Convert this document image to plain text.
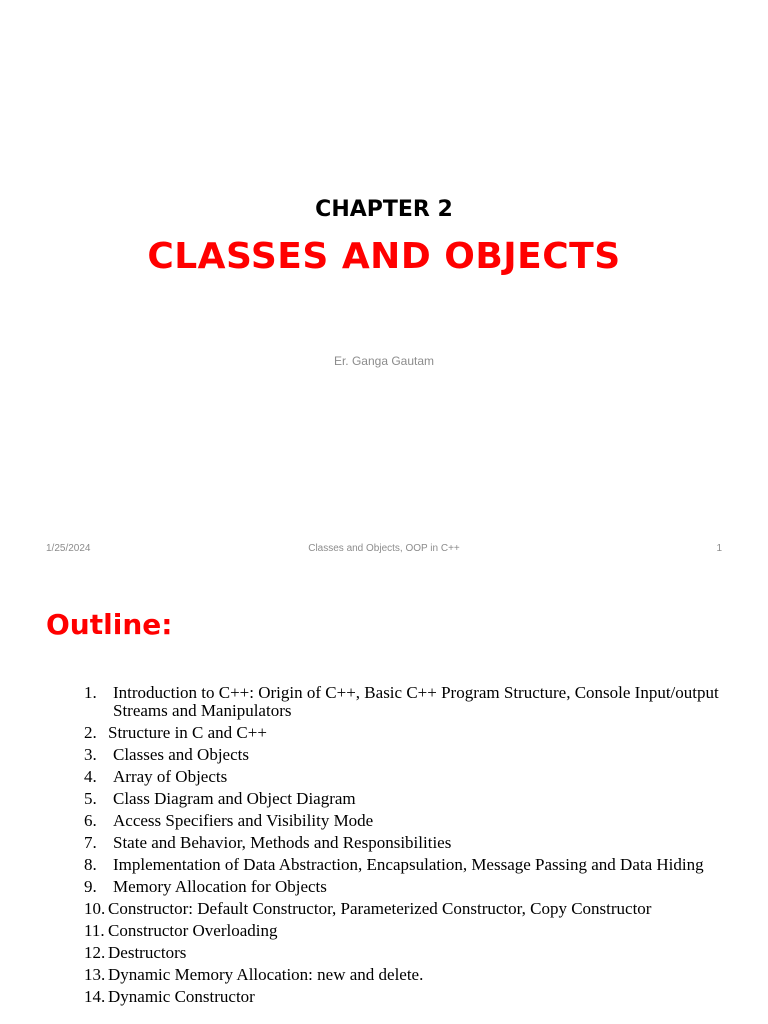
CHAPTER 2
CLASSES AND OBJECTS
Er. Ganga Gautam
1/25/2024	Classes and Objects, OOP in C++	1
Outline:
1. Introduction to C++: Origin of C++, Basic C++ Program Structure, Console Input/output Streams and Manipulators
2. Structure in C and C++
3. Classes and Objects
4. Array of Objects
5. Class Diagram and Object Diagram
6. Access Specifiers and Visibility Mode
7. State and Behavior, Methods and Responsibilities
8. Implementation of Data Abstraction, Encapsulation, Message Passing and Data Hiding
9. Memory Allocation for Objects
10. Constructor: Default Constructor, Parameterized Constructor, Copy Constructor
11. Constructor Overloading
12. Destructors
13. Dynamic Memory Allocation: new and delete.
14. Dynamic Constructor
